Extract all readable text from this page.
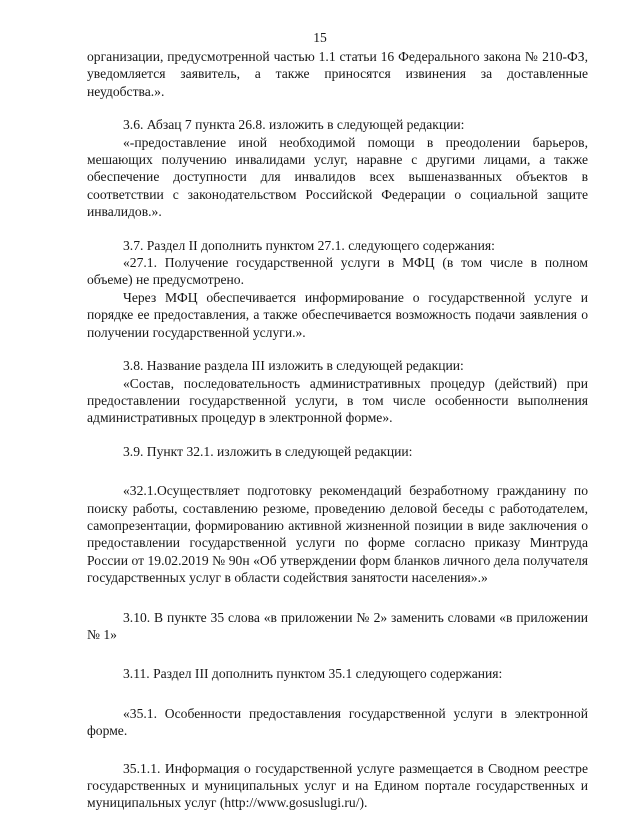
15

организации, предусмотренной частью 1.1 статьи 16 Федерального закона № 210-ФЗ, уведомляется заявитель, а также приносятся извинения за доставленные неудобства.».

3.6. Абзац 7 пункта 26.8. изложить в следующей редакции:

«-предоставление иной необходимой помощи в преодолении барьеров, мешающих получению инвалидами услуг, наравне с другими лицами, а также обеспечение доступности для инвалидов всех вышеназванных объектов в соответствии с законодательством Российской Федерации о социальной защите инвалидов.».

3.7. Раздел II дополнить пунктом 27.1. следующего содержания:

«27.1. Получение государственной услуги в МФЦ (в том числе в полном объеме) не предусмотрено.

Через МФЦ обеспечивается информирование о государственной услуге и порядке ее предоставления, а также обеспечивается возможность подачи заявления о получении государственной услуги.».

3.8. Название раздела III изложить в следующей редакции:

«Состав, последовательность административных процедур (действий) при предоставлении государственной услуги, в том числе особенности выполнения административных процедур в электронной форме».

3.9. Пункт 32.1. изложить в следующей редакции:

«32.1.Осуществляет подготовку рекомендаций безработному гражданину по поиску работы, составлению резюме, проведению деловой беседы с работодателем, самопрезентации, формированию активной жизненной позиции в виде заключения о предоставлении государственной услуги по форме согласно приказу Минтруда России от 19.02.2019 № 90н «Об утверждении форм бланков личного дела получателя государственных услуг в области содействия занятости населения».»

3.10. В пункте 35 слова «в приложении № 2» заменить словами «в приложении № 1»

3.11. Раздел III дополнить пунктом 35.1 следующего содержания:

«35.1. Особенности предоставления государственной услуги в электронной форме.

35.1.1. Информация о государственной услуге размещается в Сводном реестре государственных и муниципальных услуг и на Едином портале государственных и муниципальных услуг (http://www.gosuslugi.ru/).
